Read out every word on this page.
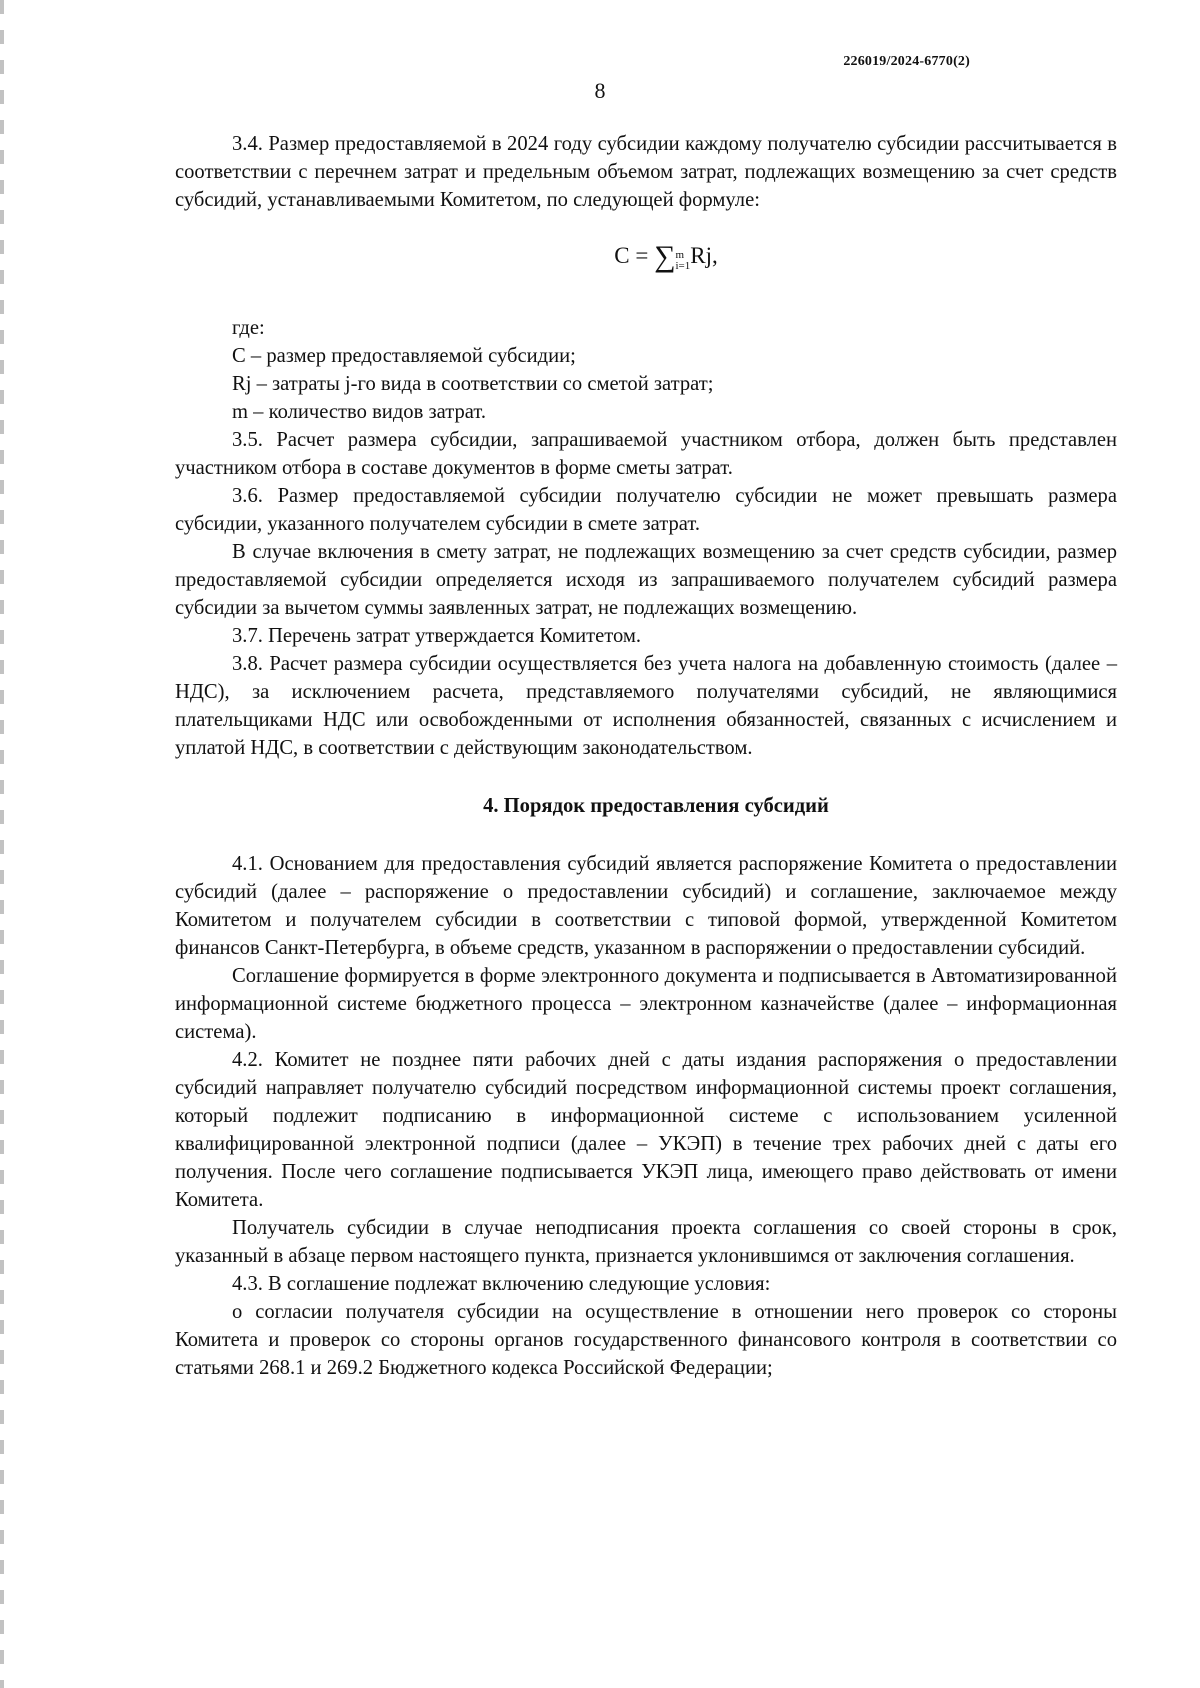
226019/2024-6770(2)
8

3.4. Размер предоставляемой в 2024 году субсидии каждому получателю субсидии рассчитывается в соответствии с перечнем затрат и предельным объемом затрат, подлежащих возмещению за счет средств субсидий, устанавливаемыми Комитетом, по следующей формуле:

C = ∑m
i=1Rj,

где:

C – размер предоставляемой субсидии;

Rj – затраты j-го вида в соответствии со сметой затрат;

m – количество видов затрат.

3.5. Расчет размера субсидии, запрашиваемой участником отбора, должен быть представлен участником отбора в составе документов в форме сметы затрат.

3.6. Размер предоставляемой субсидии получателю субсидии не может превышать размера субсидии, указанного получателем субсидии в смете затрат.

В случае включения в смету затрат, не подлежащих возмещению за счет средств субсидии, размер предоставляемой субсидии определяется исходя из запрашиваемого получателем субсидий размера субсидии за вычетом суммы заявленных затрат, не подлежащих возмещению.

3.7. Перечень затрат утверждается Комитетом.

3.8. Расчет размера субсидии осуществляется без учета налога на добавленную стоимость (далее – НДС), за исключением расчета, представляемого получателями субсидий, не являющимися плательщиками НДС или освобожденными от исполнения обязанностей, связанных с исчислением и уплатой НДС, в соответствии с действующим законодательством.

4. Порядок предоставления субсидий

4.1. Основанием для предоставления субсидий является распоряжение Комитета о предоставлении субсидий (далее – распоряжение о предоставлении субсидий) и соглашение, заключаемое между Комитетом и получателем субсидии в соответствии с типовой формой, утвержденной Комитетом финансов Санкт-Петербурга, в объеме средств, указанном в распоряжении о предоставлении субсидий.

Соглашение формируется в форме электронного документа и подписывается в Автоматизированной информационной системе бюджетного процесса – электронном казначействе (далее – информационная система).

4.2. Комитет не позднее пяти рабочих дней с даты издания распоряжения о предоставлении субсидий направляет получателю субсидий посредством информационной системы проект соглашения, который подлежит подписанию в информационной системе с использованием усиленной квалифицированной электронной подписи (далее – УКЭП) в течение трех рабочих дней с даты его получения. После чего соглашение подписывается УКЭП лица, имеющего право действовать от имени Комитета.

Получатель субсидии в случае неподписания проекта соглашения со своей стороны в срок, указанный в абзаце первом настоящего пункта, признается уклонившимся от заключения соглашения.

4.3. В соглашение подлежат включению следующие условия:

о согласии получателя субсидии на осуществление в отношении него проверок со стороны Комитета и проверок со стороны органов государственного финансового контроля в соответствии со статьями 268.1 и 269.2 Бюджетного кодекса Российской Федерации;
